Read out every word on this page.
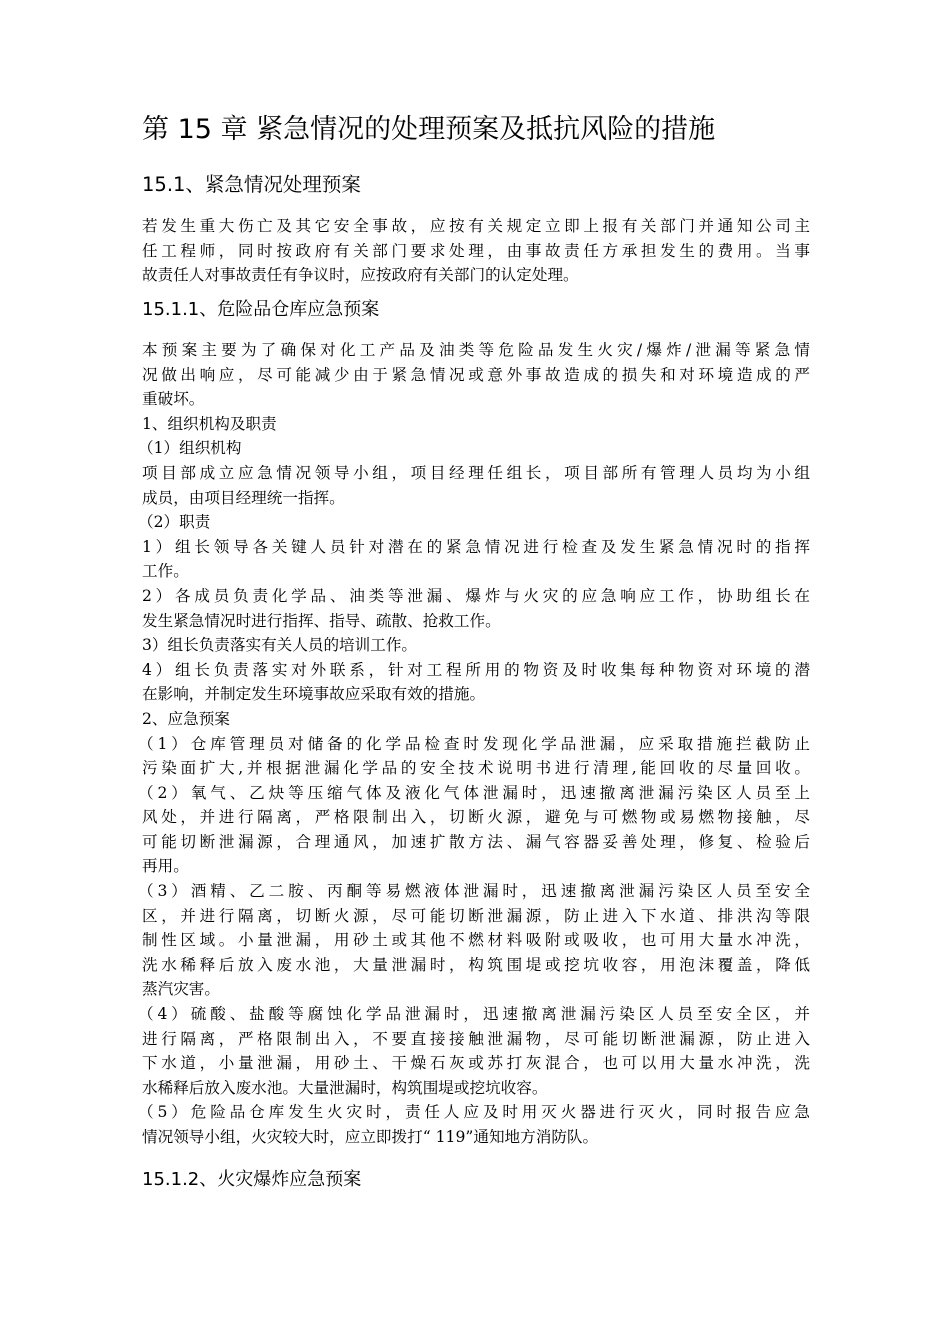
第 15 章 紧急情况的处理预案及抵抗风险的措施
15.1、紧急情况处理预案
若发生重大伤亡及其它安全事故，应按有关规定立即上报有关部门并通知公司主
任工程师，同时按政府有关部门要求处理，由事故责任方承担发生的费用。当事
故责任人对事故责任有争议时，应按政府有关部门的认定处理。
15.1.1、危险品仓库应急预案
本预案主要为了确保对化工产品及油类等危险品发生火灾/爆炸/泄漏等紧急情
况做出响应，尽可能减少由于紧急情况或意外事故造成的损失和对环境造成的严
重破坏。
1、组织机构及职责
（1）组织机构
项目部成立应急情况领导小组，项目经理任组长，项目部所有管理人员均为小组
成员，由项目经理统一指挥。
（2）职责
1）组长领导各关键人员针对潜在的紧急情况进行检查及发生紧急情况时的指挥
工作。
2）各成员负责化学品、油类等泄漏、爆炸与火灾的应急响应工作，协助组长在
发生紧急情况时进行指挥、指导、疏散、抢救工作。
3）组长负责落实有关人员的培训工作。
4）组长负责落实对外联系，针对工程所用的物资及时收集每种物资对环境的潜
在影响，并制定发生环境事故应采取有效的措施。
2、应急预案
（1）仓库管理员对储备的化学品检查时发现化学品泄漏，应采取措施拦截防止
污染面扩大,并根据泄漏化学品的安全技术说明书进行清理,能回收的尽量回收。
（2）氧气、乙炔等压缩气体及液化气体泄漏时，迅速撤离泄漏污染区人员至上
风处，并进行隔离，严格限制出入，切断火源，避免与可燃物或易燃物接触，尽
可能切断泄漏源，合理通风，加速扩散方法、漏气容器妥善处理，修复、检验后
再用。
（3）酒精、乙二胺、丙酮等易燃液体泄漏时，迅速撤离泄漏污染区人员至安全
区，并进行隔离，切断火源，尽可能切断泄漏源，防止进入下水道、排洪沟等限
制性区域。小量泄漏，用砂土或其他不燃材料吸附或吸收，也可用大量水冲洗，
洗水稀释后放入废水池，大量泄漏时，构筑围堤或挖坑收容，用泡沫覆盖，降低
蒸汽灾害。
（4）硫酸、盐酸等腐蚀化学品泄漏时，迅速撤离泄漏污染区人员至安全区，并
进行隔离，严格限制出入，不要直接接触泄漏物，尽可能切断泄漏源，防止进入
下水道，小量泄漏，用砂土、干燥石灰或苏打灰混合，也可以用大量水冲洗，洗
水稀释后放入废水池。大量泄漏时，构筑围堤或挖坑收容。
（5）危险品仓库发生火灾时，责任人应及时用灭火器进行灭火，同时报告应急
情况领导小组，火灾较大时，应立即拨打“ 119”通知地方消防队。
15.1.2、火灾爆炸应急预案
